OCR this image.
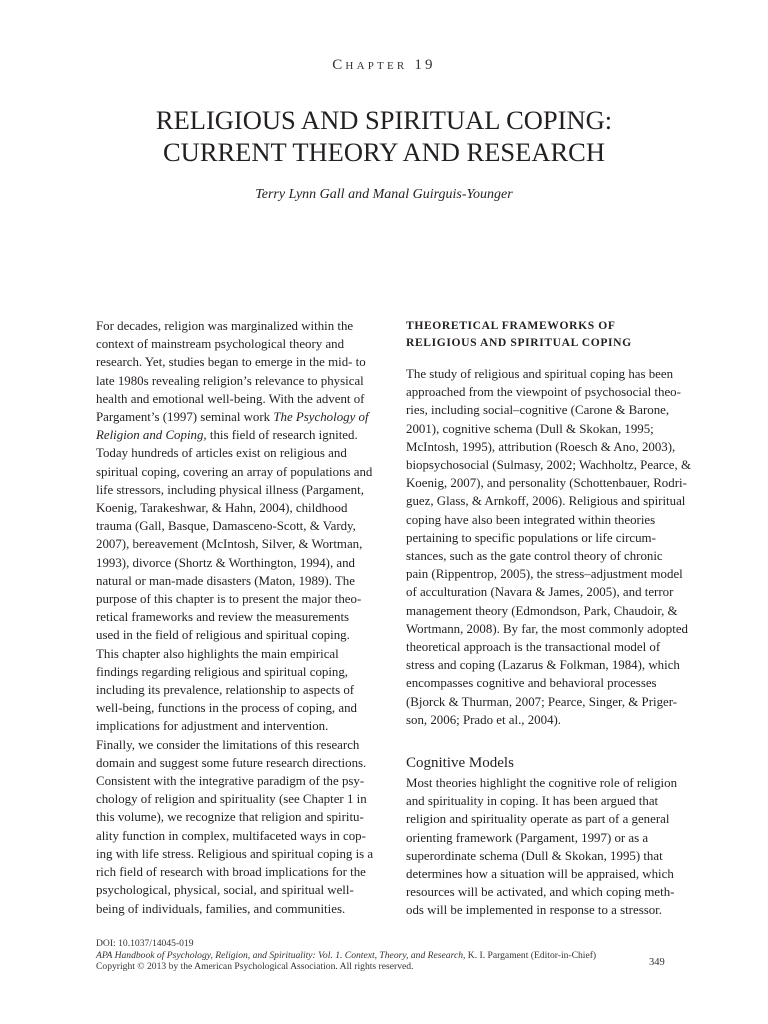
Chapter 19
RELIGIOUS AND SPIRITUAL COPING:
CURRENT THEORY AND RESEARCH
Terry Lynn Gall and Manal Guirguis-Younger
For decades, religion was marginalized within the
context of mainstream psychological theory and
research. Yet, studies began to emerge in the mid- to
late 1980s revealing religion’s relevance to physical
health and emotional well-being. With the advent of
Pargament’s (1997) seminal work The Psychology of
Religion and Coping, this field of research ignited.
Today hundreds of articles exist on religious and
spiritual coping, covering an array of populations and
life stressors, including physical illness (Pargament,
Koenig, Tarakeshwar, & Hahn, 2004), childhood
trauma (Gall, Basque, Damasceno-Scott, & Vardy,
2007), bereavement (McIntosh, Silver, & Wortman,
1993), divorce (Shortz & Worthington, 1994), and
natural or man-made disasters (Maton, 1989). The
purpose of this chapter is to present the major theo-
retical frameworks and review the measurements
used in the field of religious and spiritual coping.
This chapter also highlights the main empirical
findings regarding religious and spiritual coping,
including its prevalence, relationship to aspects of
well-being, functions in the process of coping, and
implications for adjustment and intervention.
Finally, we consider the limitations of this research
domain and suggest some future research directions.
Consistent with the integrative paradigm of the psy-
chology of religion and spirituality (see Chapter 1 in
this volume), we recognize that religion and spiritu-
ality function in complex, multifaceted ways in cop-
ing with life stress. Religious and spiritual coping is a
rich field of research with broad implications for the
psychological, physical, social, and spiritual well-
being of individuals, families, and communities.
THEORETICAL FRAMEWORKS OF
RELIGIOUS AND SPIRITUAL COPING
The study of religious and spiritual coping has been
approached from the viewpoint of psychosocial theo-
ries, including social–cognitive (Carone & Barone,
2001), cognitive schema (Dull & Skokan, 1995;
McIntosh, 1995), attribution (Roesch & Ano, 2003),
biopsychosocial (Sulmasy, 2002; Wachholtz, Pearce, &
Koenig, 2007), and personality (Schottenbauer, Rodri-
guez, Glass, & Arnkoff, 2006). Religious and spiritual
coping have also been integrated within theories
pertaining to specific populations or life circum-
stances, such as the gate control theory of chronic
pain (Rippentrop, 2005), the stress–adjustment model
of acculturation (Navara & James, 2005), and terror
management theory (Edmondson, Park, Chaudoir, &
Wortmann, 2008). By far, the most commonly adopted
theoretical approach is the transactional model of
stress and coping (Lazarus & Folkman, 1984), which
encompasses cognitive and behavioral processes
(Bjorck & Thurman, 2007; Pearce, Singer, & Priger-
son, 2006; Prado et al., 2004).
Cognitive Models
Most theories highlight the cognitive role of religion
and spirituality in coping. It has been argued that
religion and spirituality operate as part of a general
orienting framework (Pargament, 1997) or as a
superordinate schema (Dull & Skokan, 1995) that
determines how a situation will be appraised, which
resources will be activated, and which coping meth-
ods will be implemented in response to a stressor.
DOI: 10.1037/14045-019
APA Handbook of Psychology, Religion, and Spirituality: Vol. 1. Context, Theory, and Research, K. I. Pargament (Editor-in-Chief)
Copyright © 2013 by the American Psychological Association. All rights reserved.	349
